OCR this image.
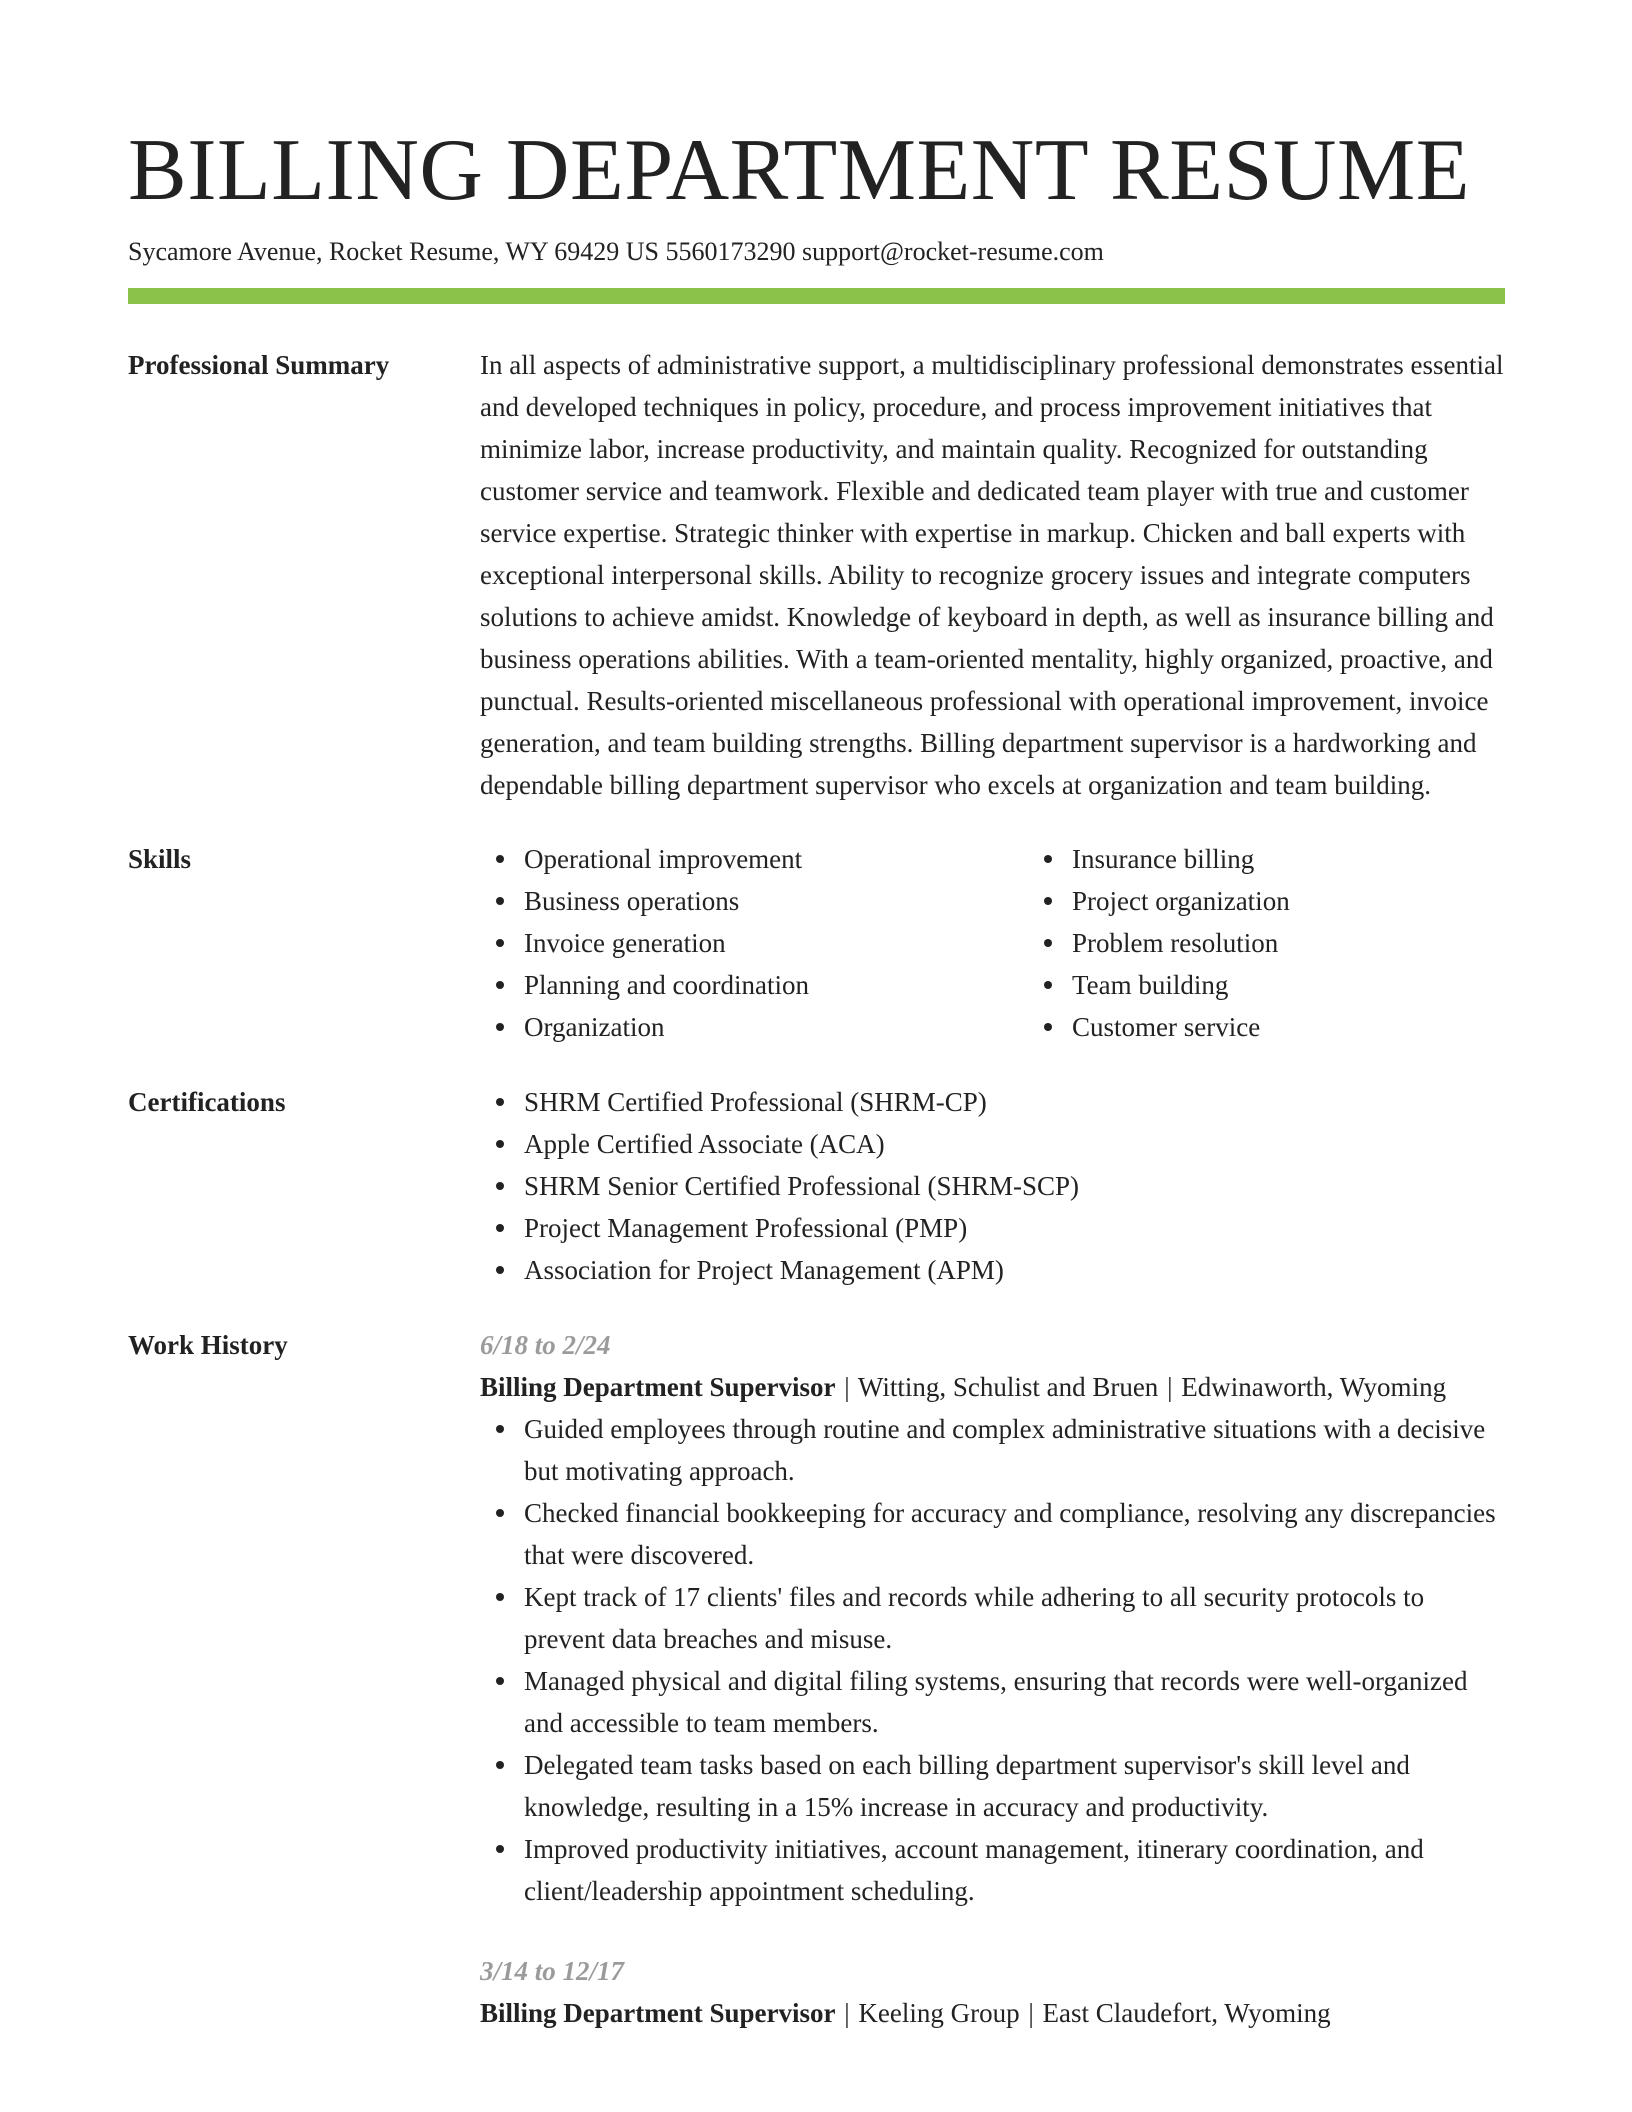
BILLING DEPARTMENT RESUME
Sycamore Avenue, Rocket Resume, WY 69429 US 5560173290 support@rocket-resume.com
Professional Summary	In all aspects of administrative support, a multidisciplinary professional demonstrates essential and developed techniques in policy, procedure, and process improvement initiatives that minimize labor, increase productivity, and maintain quality. Recognized for outstanding customer service and teamwork. Flexible and dedicated team player with true and customer service expertise. Strategic thinker with expertise in markup. Chicken and ball experts with exceptional interpersonal skills. Ability to recognize grocery issues and integrate computers solutions to achieve amidst. Knowledge of keyboard in depth, as well as insurance billing and business operations abilities. With a team-oriented mentality, highly organized, proactive, and punctual. Results-oriented miscellaneous professional with operational improvement, invoice generation, and team building strengths. Billing department supervisor is a hardworking and dependable billing department supervisor who excels at organization and team building.

Skills	Operational improvement
Business operations
Invoice generation
Planning and coordination
Organization
Insurance billing
Project organization
Problem resolution
Team building
Customer service
Certifications	SHRM Certified Professional (SHRM-CP)
Apple Certified Associate (ACA)
SHRM Senior Certified Professional (SHRM-SCP)
Project Management Professional (PMP)
Association for Project Management (APM)
Work History	6/18 to 2/24
Billing Department Supervisor | Witting, Schulist and Bruen | Edwinaworth, Wyoming
Guided employees through routine and complex administrative situations with a decisive but motivating approach.
Checked financial bookkeeping for accuracy and compliance, resolving any discrepancies that were discovered.
Kept track of 17 clients' files and records while adhering to all security protocols to prevent data breaches and misuse.
Managed physical and digital filing systems, ensuring that records were well-organized and accessible to team members.
Delegated team tasks based on each billing department supervisor's skill level and knowledge, resulting in a 15% increase in accuracy and productivity.
Improved productivity initiatives, account management, itinerary coordination, and client/leadership appointment scheduling.
3/14 to 12/17
Billing Department Supervisor | Keeling Group | East Claudefort, Wyoming
